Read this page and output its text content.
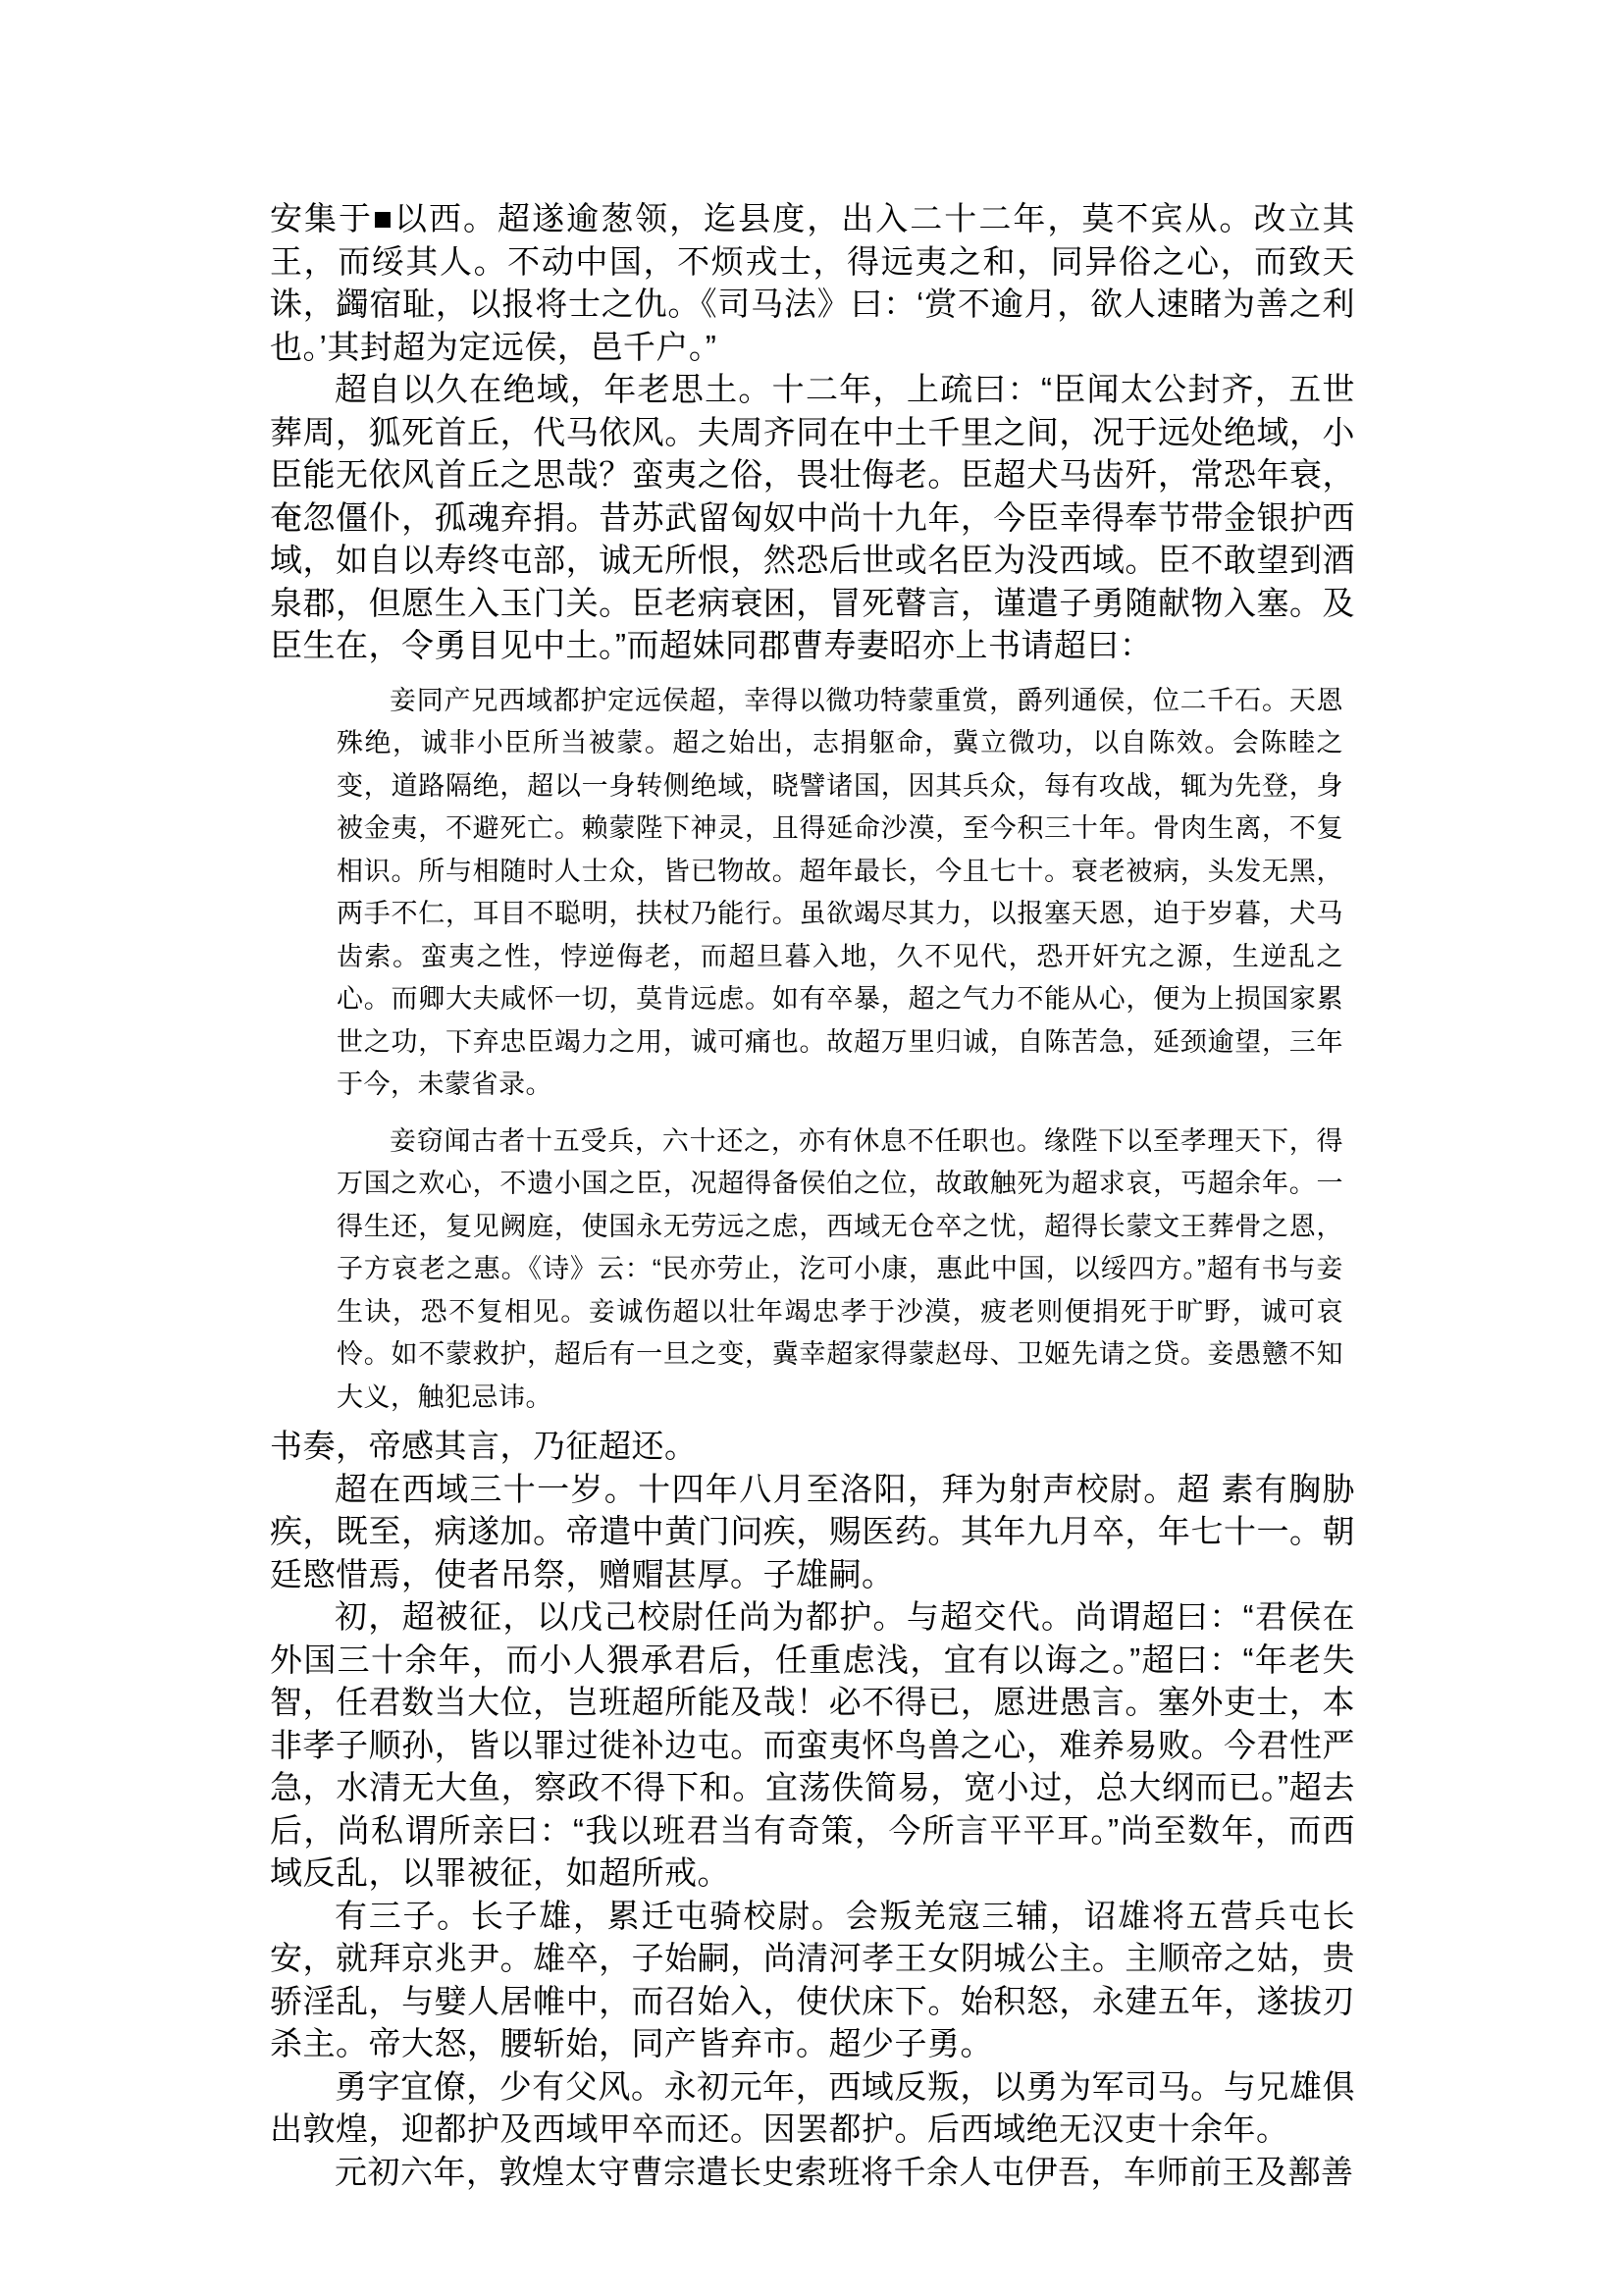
安集于■以西。超遂逾葱领，迄县度，出入二十二年，莫不宾从。改立其王，而绥其人。不动中国，不烦戎士，得远夷之和，同异俗之心，而致天诛，蠲宿耻，以报将士之仇。《司马法》曰：‘赏不逾月，欲人速睹为善之利也。’其封超为定远侯，邑千户。”

超自以久在绝域，年老思土。十二年，上疏曰：“臣闻太公封齐，五世葬周，狐死首丘，代马依风。夫周齐同在中土千里之间，况于远处绝域，小臣能无依风首丘之思哉？蛮夷之俗，畏壮侮老。臣超犬马齿歼，常恐年衰，奄忽僵仆，孤魂弃捐。昔苏武留匈奴中尚十九年，今臣幸得奉节带金银护西域，如自以寿终屯部，诚无所恨，然恐后世或名臣为没西域。臣不敢望到酒泉郡，但愿生入玉门关。臣老病衰困，冒死瞽言，谨遣子勇随献物入塞。及臣生在，令勇目见中土。”而超妹同郡曹寿妻昭亦上书请超曰：

妾同产兄西域都护定远侯超，幸得以微功特蒙重赏，爵列通侯，位二千石。天恩殊绝，诚非小臣所当被蒙。超之始出，志捐躯命，冀立微功，以自陈效。会陈睦之变，道路隔绝，超以一身转侧绝域，晓譬诸国，因其兵众，每有攻战，辄为先登，身被金夷，不避死亡。赖蒙陛下神灵，且得延命沙漠，至今积三十年。骨肉生离，不复相识。所与相随时人士众，皆已物故。超年最长，今且七十。衰老被病，头发无黑，两手不仁，耳目不聪明，扶杖乃能行。虽欲竭尽其力，以报塞天恩，迫于岁暮，犬马齿索。蛮夷之性，悖逆侮老，而超旦暮入地，久不见代，恐开奸宄之源，生逆乱之心。而卿大夫咸怀一切，莫肯远虑。如有卒暴，超之气力不能从心，便为上损国家累世之功，下弃忠臣竭力之用，诚可痛也。故超万里归诚，自陈苦急，延颈逾望，三年于今，未蒙省录。

妾窃闻古者十五受兵，六十还之，亦有休息不任职也。缘陛下以至孝理天下，得万国之欢心，不遗小国之臣，况超得备侯伯之位，故敢触死为超求哀，丐超余年。一得生还，复见阙庭，使国永无劳远之虑，西域无仓卒之忧，超得长蒙文王葬骨之恩，子方哀老之惠。《诗》云：“民亦劳止，汔可小康，惠此中国，以绥四方。”超有书与妾生诀，恐不复相见。妾诚伤超以壮年竭忠孝于沙漠，疲老则便捐死于旷野，诚可哀怜。如不蒙救护，超后有一旦之变，冀幸超家得蒙赵母、卫姬先请之贷。妾愚戆不知大义，触犯忌讳。

书奏，帝感其言，乃征超还。

超在西域三十一岁。十四年八月至洛阳，拜为射声校尉。超 素有胸胁疾，既至，病遂加。帝遣中黄门问疾，赐医药。其年九月卒，年七十一。朝廷愍惜焉，使者吊祭，赠赗甚厚。子雄嗣。

初，超被征，以戊己校尉任尚为都护。与超交代。尚谓超曰：“君侯在外国三十余年，而小人猥承君后，任重虑浅，宜有以诲之。”超曰：“年老失智，任君数当大位，岂班超所能及哉！必不得已，愿进愚言。塞外吏士，本非孝子顺孙，皆以罪过徙补边屯。而蛮夷怀鸟兽之心，难养易败。今君性严急，水清无大鱼，察政不得下和。宜荡佚简易，宽小过，总大纲而已。”超去后，尚私谓所亲曰：“我以班君当有奇策，今所言平平耳。”尚至数年，而西域反乱，以罪被征，如超所戒。

有三子。长子雄，累迁屯骑校尉。会叛羌寇三辅，诏雄将五营兵屯长安，就拜京兆尹。雄卒，子始嗣，尚清河孝王女阴城公主。主顺帝之姑，贵骄淫乱，与嬖人居帷中，而召始入，使伏床下。始积怒，永建五年，遂拔刃杀主。帝大怒，腰斩始，同产皆弃市。超少子勇。

勇字宜僚，少有父风。永初元年，西域反叛，以勇为军司马。与兄雄俱出敦煌，迎都护及西域甲卒而还。因罢都护。后西域绝无汉吏十余年。

元初六年，敦煌太守曹宗遣长史索班将千余人屯伊吾，车师前王及鄯善
